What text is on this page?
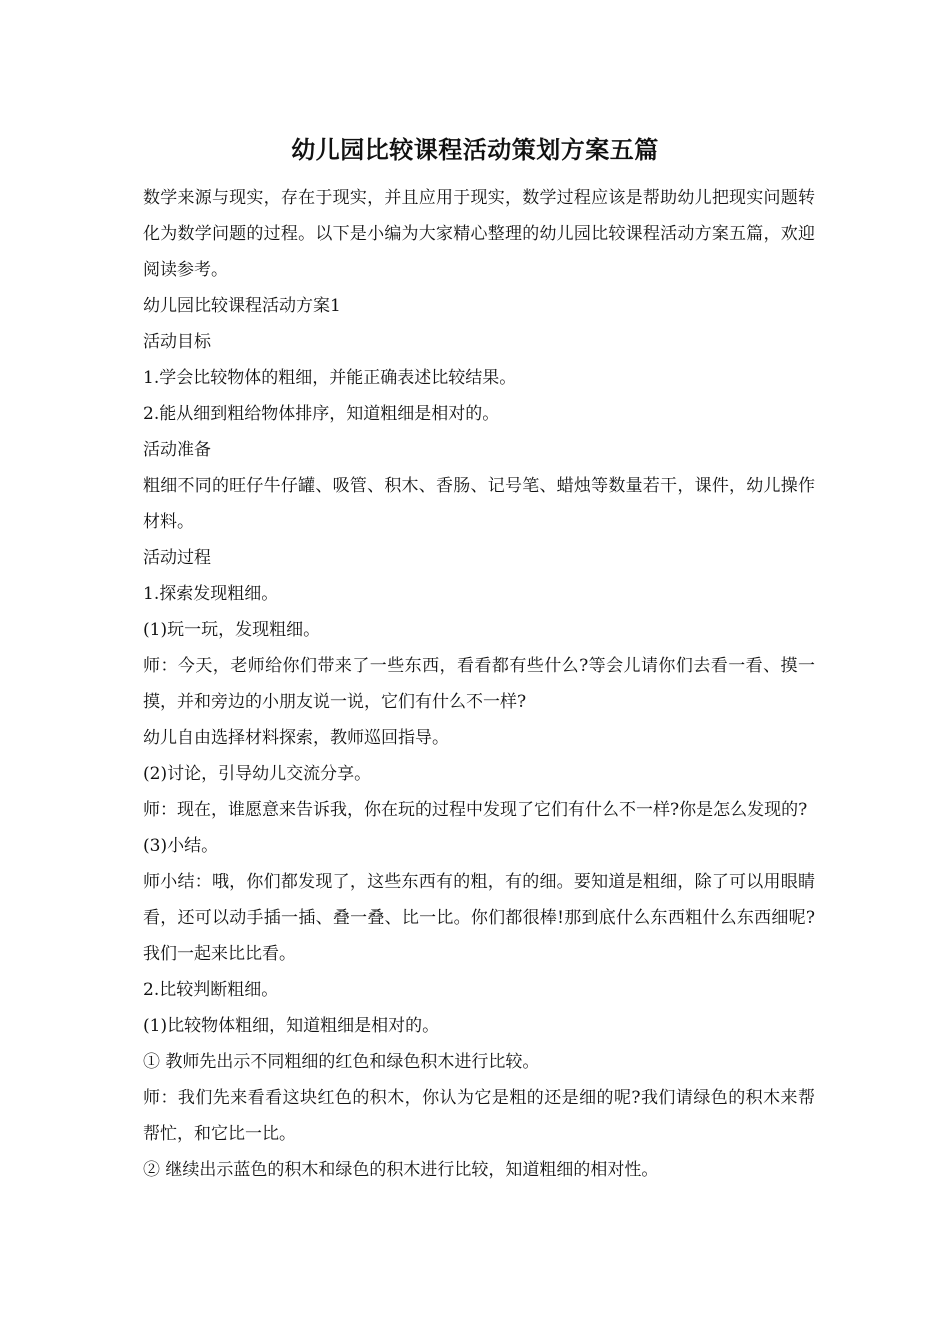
幼儿园比较课程活动策划方案五篇

数学来源与现实，存在于现实，并且应用于现实，数学过程应该是帮助幼儿把现实问题转化为数学问题的过程。以下是小编为大家精心整理的幼儿园比较课程活动方案五篇，欢迎阅读参考。

幼儿园比较课程活动方案1

活动目标

1.学会比较物体的粗细，并能正确表述比较结果。

2.能从细到粗给物体排序，知道粗细是相对的。

活动准备

粗细不同的旺仔牛仔罐、吸管、积木、香肠、记号笔、蜡烛等数量若干，课件，幼儿操作材料。

活动过程

1.探索发现粗细。

(1)玩一玩，发现粗细。

师：今天，老师给你们带来了一些东西，看看都有些什么?等会儿请你们去看一看、摸一摸，并和旁边的小朋友说一说，它们有什么不一样?

幼儿自由选择材料探索，教师巡回指导。

(2)讨论，引导幼儿交流分享。

师：现在，谁愿意来告诉我，你在玩的过程中发现了它们有什么不一样?你是怎么发现的?

(3)小结。

师小结：哦，你们都发现了，这些东西有的粗，有的细。要知道是粗细，除了可以用眼睛看，还可以动手插一插、叠一叠、比一比。你们都很棒!那到底什么东西粗什么东西细呢?我们一起来比比看。

2.比较判断粗细。

(1)比较物体粗细，知道粗细是相对的。

① 教师先出示不同粗细的红色和绿色积木进行比较。

师：我们先来看看这块红色的积木，你认为它是粗的还是细的呢?我们请绿色的积木来帮帮忙，和它比一比。

② 继续出示蓝色的积木和绿色的积木进行比较，知道粗细的相对性。
